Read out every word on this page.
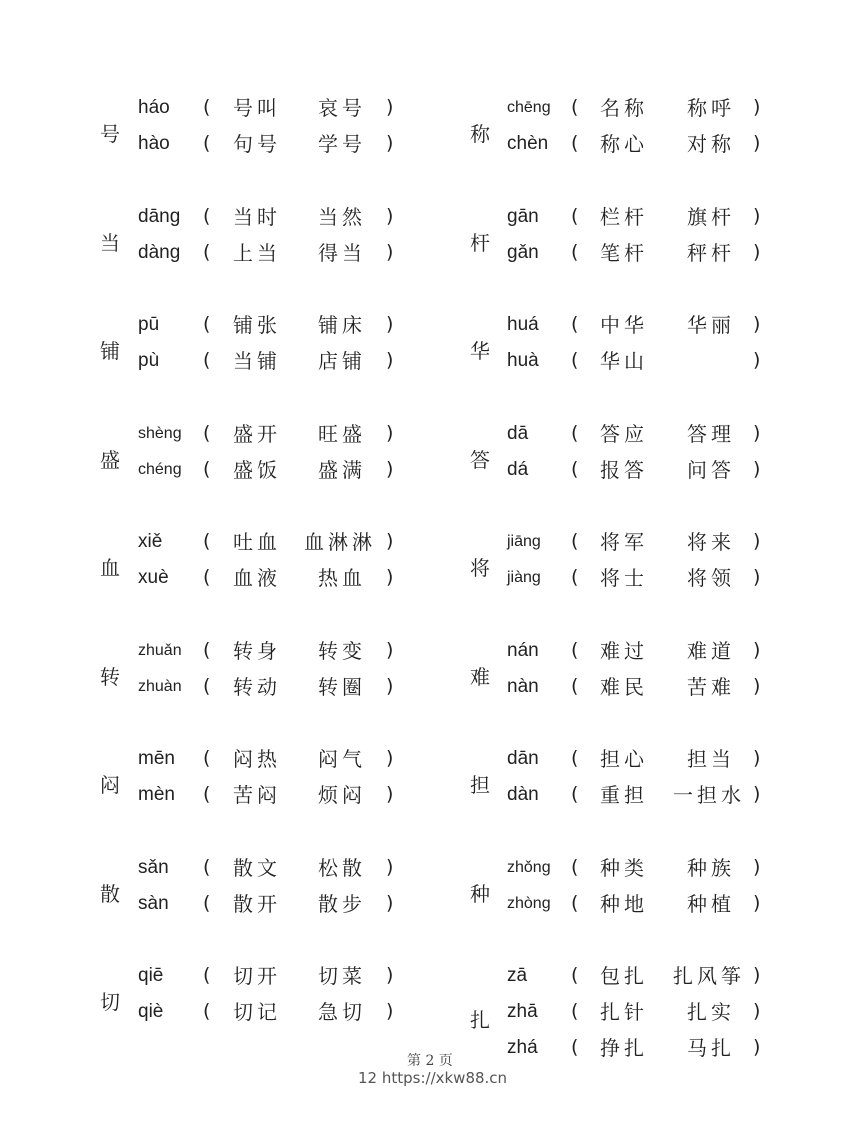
号
háo ( 号叫 哀号 )
hào ( 句号 学号 )
当
dāng ( 当时 当然 )
dàng ( 上当 得当 )
铺
pū ( 铺张 铺床 )
pù ( 当铺 店铺 )
盛
shèng ( 盛开 旺盛 )
chéng ( 盛饭 盛满 )
血
xiě ( 吐血 血淋淋 )
xuè ( 血液 热血 )
转
zhuǎn ( 转身 转变 )
zhuàn ( 转动 转圈 )
闷
mēn ( 闷热 闷气 )
mèn ( 苦闷 烦闷 )
散
sǎn ( 散文 松散 )
sàn ( 散开 散步 )
切
qiē ( 切开 切菜 )
qiè ( 切记 急切 )
称
chēng ( 名称 称呼 )
chèn ( 称心 对称 )
杆
gān ( 栏杆 旗杆 )
gǎn ( 笔杆 秤杆 )
华
huá ( 中华 华丽 )
huà ( 华山	)
答
dā ( 答应 答理 )
dá ( 报答 问答 )
将
jiāng ( 将军 将来 )
jiàng ( 将士 将领 )
难
nán ( 难过 难道 )
nàn ( 难民 苦难 )
担
dān ( 担心 担当 )
dàn ( 重担 一担水 )
种
zhǒng ( 种类 种族 )
zhòng ( 种地 种植 )
扎
zā ( 包扎 扎风筝 )
zhā ( 扎针 扎实 )
zhá ( 挣扎 马扎 )
第 2 页
12 https://xkw88.cn
